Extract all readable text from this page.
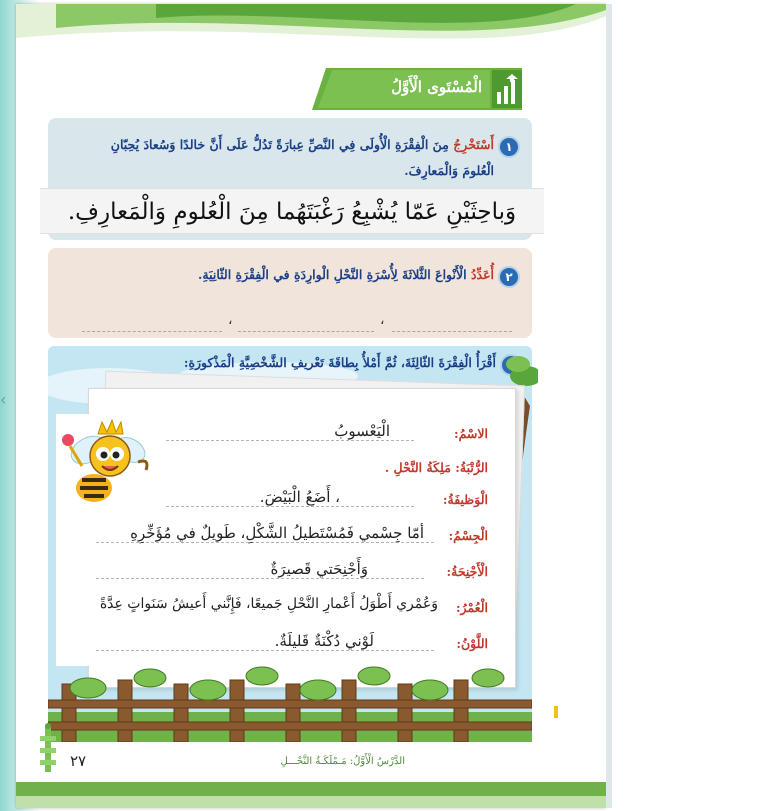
‹
الْمُسْتَوى الْأَوَّلُ
١
أَسْتَخْرِجُ مِنَ الْفِقْرَةِ الْأُولَى فِي النَّصِّ عِبارَةً تَدُلُّ عَلَى أَنَّ خالدًا وَسُعادَ يُحِبّانِ
الْعُلومَ وَالْمَعارِفَ.
وَباحِثَيْنِ عَمّا يُشْبِعُ رَغْبَتَهُما مِنَ الْعُلومِ وَالْمَعارِفِ.
٢
أُعَدِّدُ الْأَنْواعَ الثَّلاثَةَ لِأُسْرَةِ النَّحْلِ الْوارِدَةِ في الْفِقْرَةِ الثّانِيَةِ.
،
،
أَقْرَأُ الْفِقْرَةَ الثّالِثَةَ، ثُمَّ أَمْلأُ بِطاقَةَ تَعْريفِ الشَّخْصِيَّةِ الْمَذْكورَةِ:
الاسْمُ:
الْيَعْسوبُ
الرُّتْبَةُ: مَلِكَةُ النَّحْلِ .
الْوَظيفَةُ:
، أَضَعُ الْبَيْضَ.
الْجِسْمُ:
أمّا جِسْمي فَمُسْتَطيلُ الشَّكْلِ، طَويلٌ في مُؤَخِّرِهِ
الْأَجْنِحَةُ:
وَأَجْنِحَتي قَصيرَةٌ
الْعُمْرُ:
وَعُمْري أَطْوَلُ أَعْمارِ النَّحْلِ جَميعًا، فَإِنَّني أَعيشُ سَنَواتٍ عِدَّةً
اللَّوْنُ:
لَوْني دُكْنَةٌ قَليلَةٌ.
٢٧	الدَّرْسُ الْأَوَّلُ: مَـمْلَكَـةُ النَّحْـــلِ
